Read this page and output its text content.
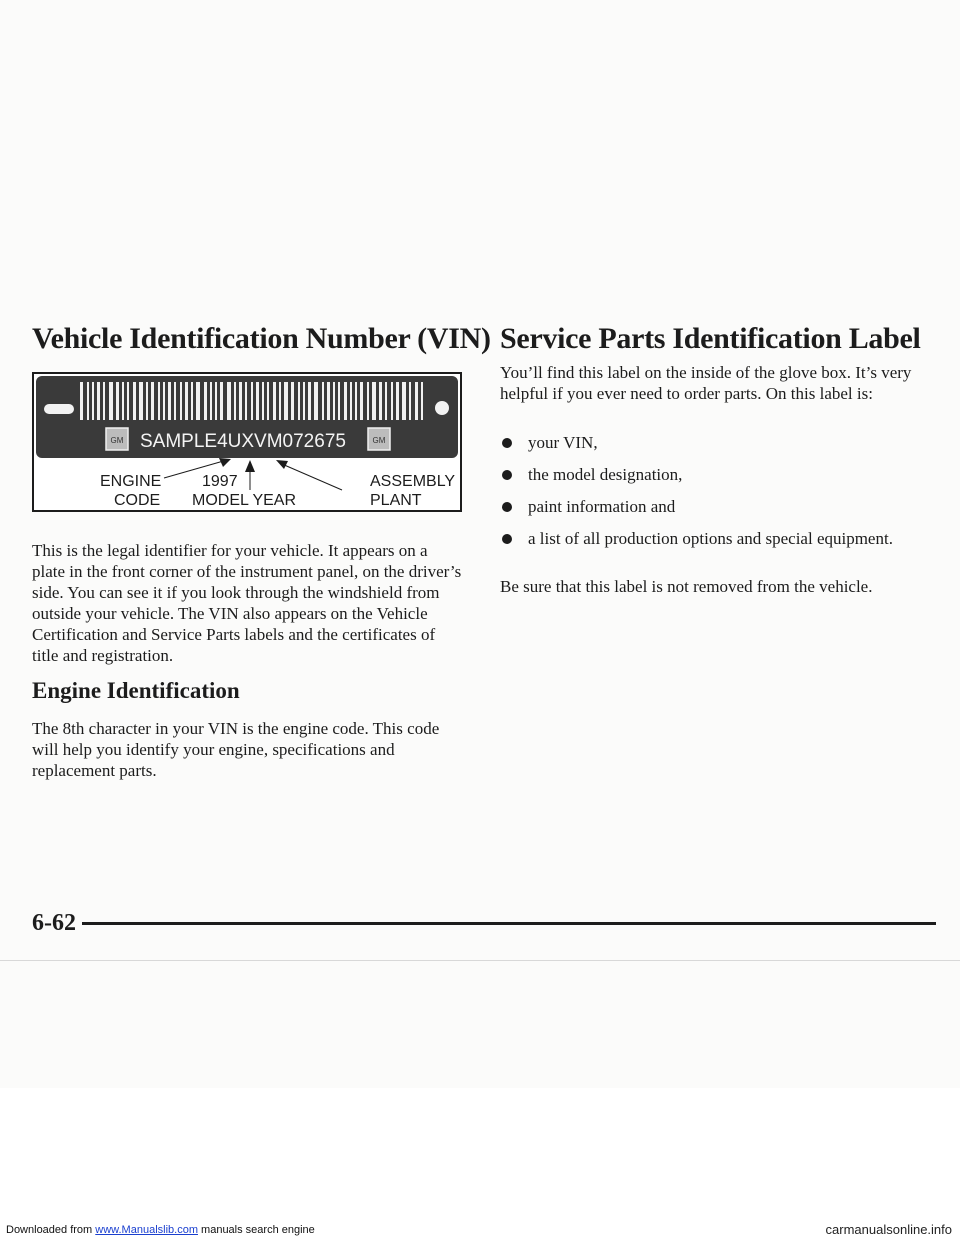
Vehicle Identification Number (VIN)
GM	GM
SAMPLE4UXVM072675
ENGINE
CODE
1997
MODEL YEAR
ASSEMBLY
PLANT

This is the legal identifier for your vehicle. It appears on a plate in the front corner of the instrument panel, on the driver’s side. You can see it if you look through the windshield from outside your vehicle. The VIN also appears on the Vehicle Certification and Service Parts labels and the certificates of title and registration.

Engine Identification

The 8th character in your VIN is the engine code. This code will help you identify your engine, specifications and replacement parts.

Service Parts Identification Label

You’ll find this label on the inside of the glove box. It’s very helpful if you ever need to order parts. On this label is:

your VIN,
the model designation,
paint information and
a list of all production options and special equipment.

Be sure that this label is not removed from the vehicle.

6-62
Downloaded from www.Manualslib.com manuals search engine	carmanualsonline.info
